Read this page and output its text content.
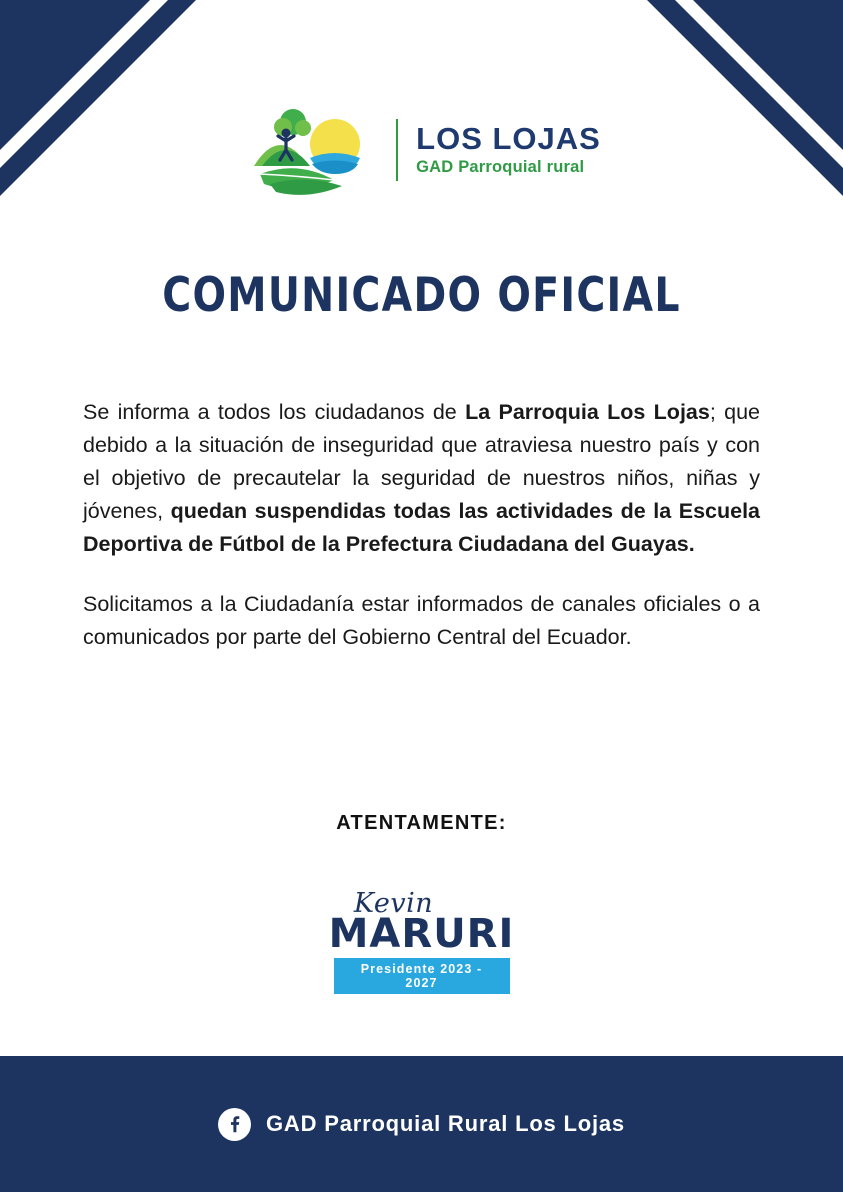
LOS LOJAS
GAD Parroquial rural
COMUNICADO OFICIAL

Se informa a todos los ciudadanos de La Parroquia Los Lojas; que debido a la situación de inseguridad que atraviesa nuestro país y con el objetivo de precautelar la seguridad de nuestros niños, niñas y jóvenes, quedan suspendidas todas las actividades de la Escuela Deportiva de Fútbol de la Prefectura Ciudadana del Guayas.

Solicitamos a la Ciudadanía estar informados de canales oficiales o a comunicados por parte del Gobierno Central del Ecuador.

ATENTAMENTE:
Kevin
MARURI
Presidente 2023 - 2027
GAD Parroquial Rural Los Lojas
